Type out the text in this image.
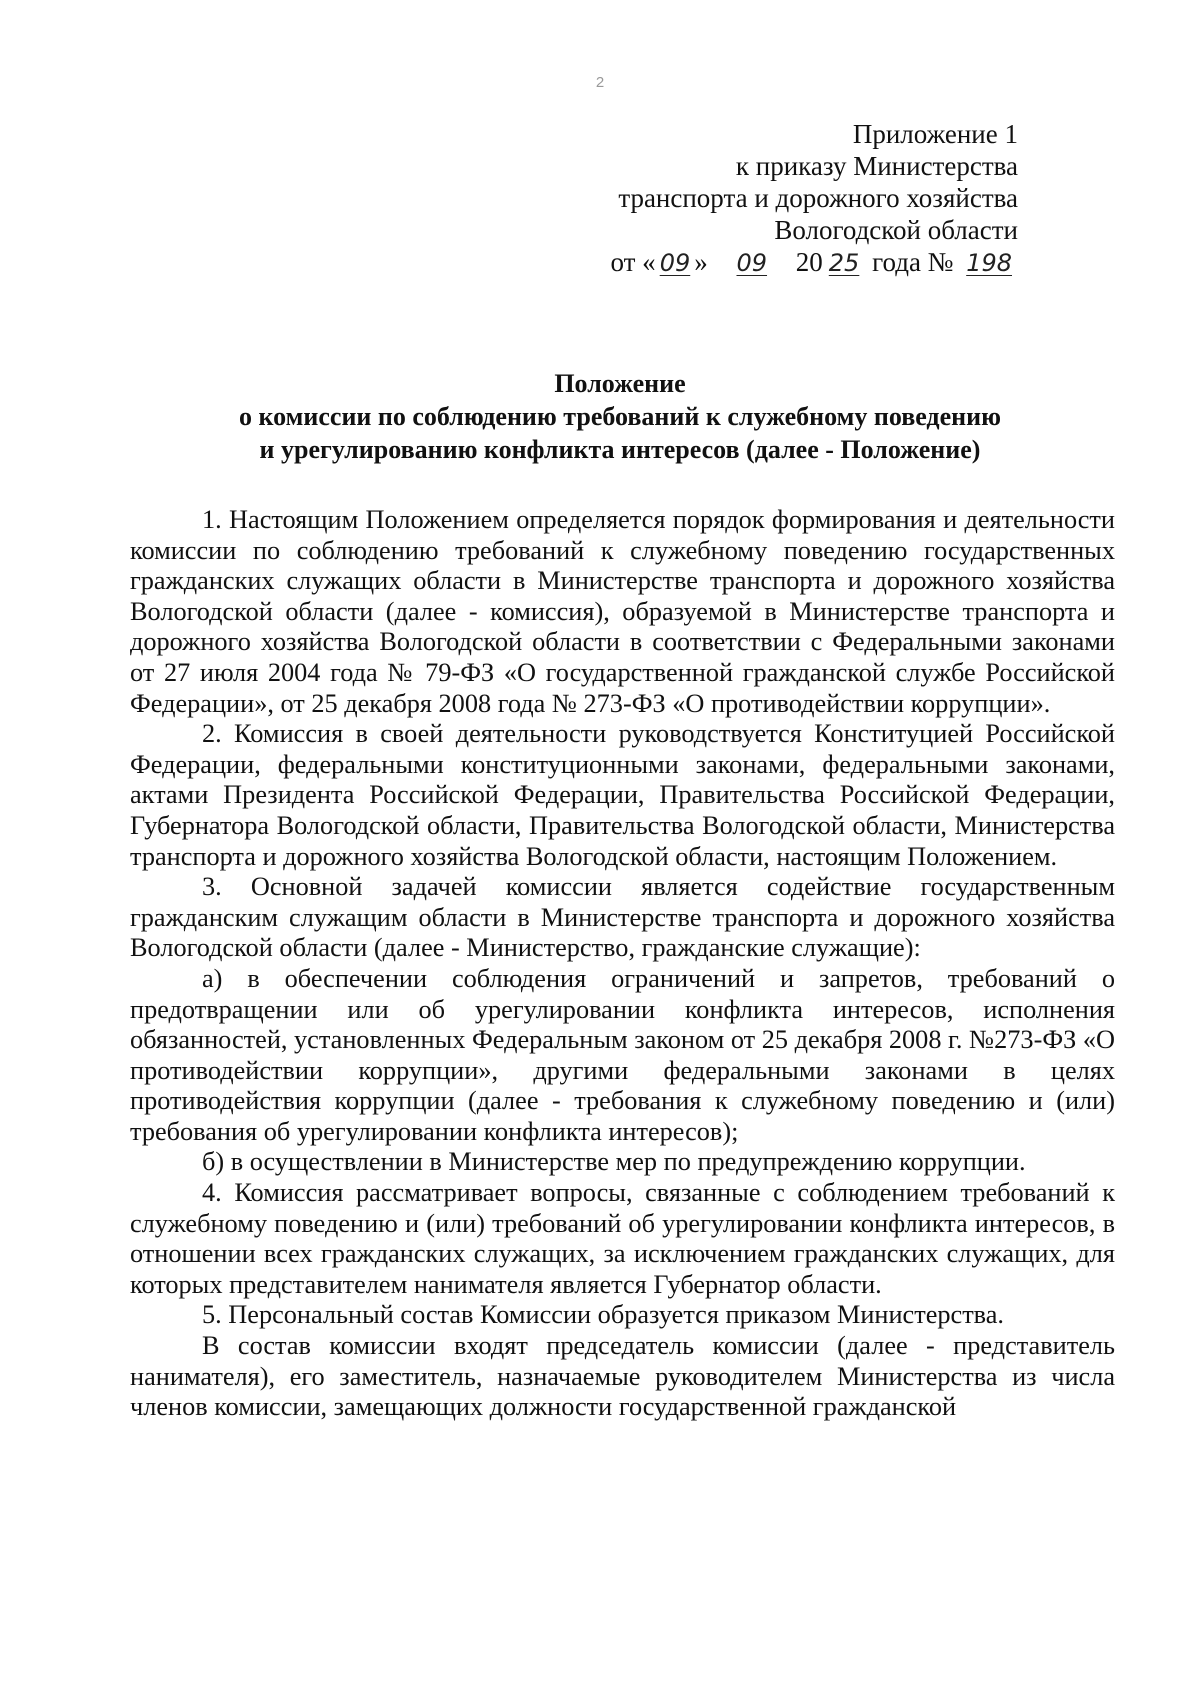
2
Приложение 1
к приказу Министерства
транспорта и дорожного хозяйства
Вологодской области
от « 09 » 09 20 25 года № 198
Положение
о комиссии по соблюдению требований к служебному поведению
и урегулированию конфликта интересов (далее - Положение)

1. Настоящим Положением определяется порядок формирования и деятельности комиссии по соблюдению требований к служебному поведению государственных гражданских служащих области в Министерстве транспорта и дорожного хозяйства Вологодской области (далее - комиссия), образуемой в Министерстве транспорта и дорожного хозяйства Вологодской области в соответствии с Федеральными законами от 27 июля 2004 года № 79-ФЗ «О государственной гражданской службе Российской Федерации», от 25 декабря 2008 года № 273-ФЗ «О противодействии коррупции».

2. Комиссия в своей деятельности руководствуется Конституцией Российской Федерации, федеральными конституционными законами, федеральными законами, актами Президента Российской Федерации, Правительства Российской Федерации, Губернатора Вологодской области, Правительства Вологодской области, Министерства транспорта и дорожного хозяйства Вологодской области, настоящим Положением.

3. Основной задачей комиссии является содействие государственным гражданским служащим области в Министерстве транспорта и дорожного хозяйства Вологодской области (далее - Министерство, гражданские служащие):

а) в обеспечении соблюдения ограничений и запретов, требований о предотвращении или об урегулировании конфликта интересов, исполнения обязанностей, установленных Федеральным законом от 25 декабря 2008 г. №273-ФЗ «О противодействии коррупции», другими федеральными законами в целях противодействия коррупции (далее - требования к служебному поведению и (или) требования об урегулировании конфликта интересов);

б) в осуществлении в Министерстве мер по предупреждению коррупции.

4. Комиссия рассматривает вопросы, связанные с соблюдением требований к служебному поведению и (или) требований об урегулировании конфликта интересов, в отношении всех гражданских служащих, за исключением гражданских служащих, для которых представителем нанимателя является Губернатор области.

5. Персональный состав Комиссии образуется приказом Министерства.

В состав комиссии входят председатель комиссии (далее - представитель нанимателя), его заместитель, назначаемые руководителем Министерства из числа членов комиссии, замещающих должности государственной гражданской
